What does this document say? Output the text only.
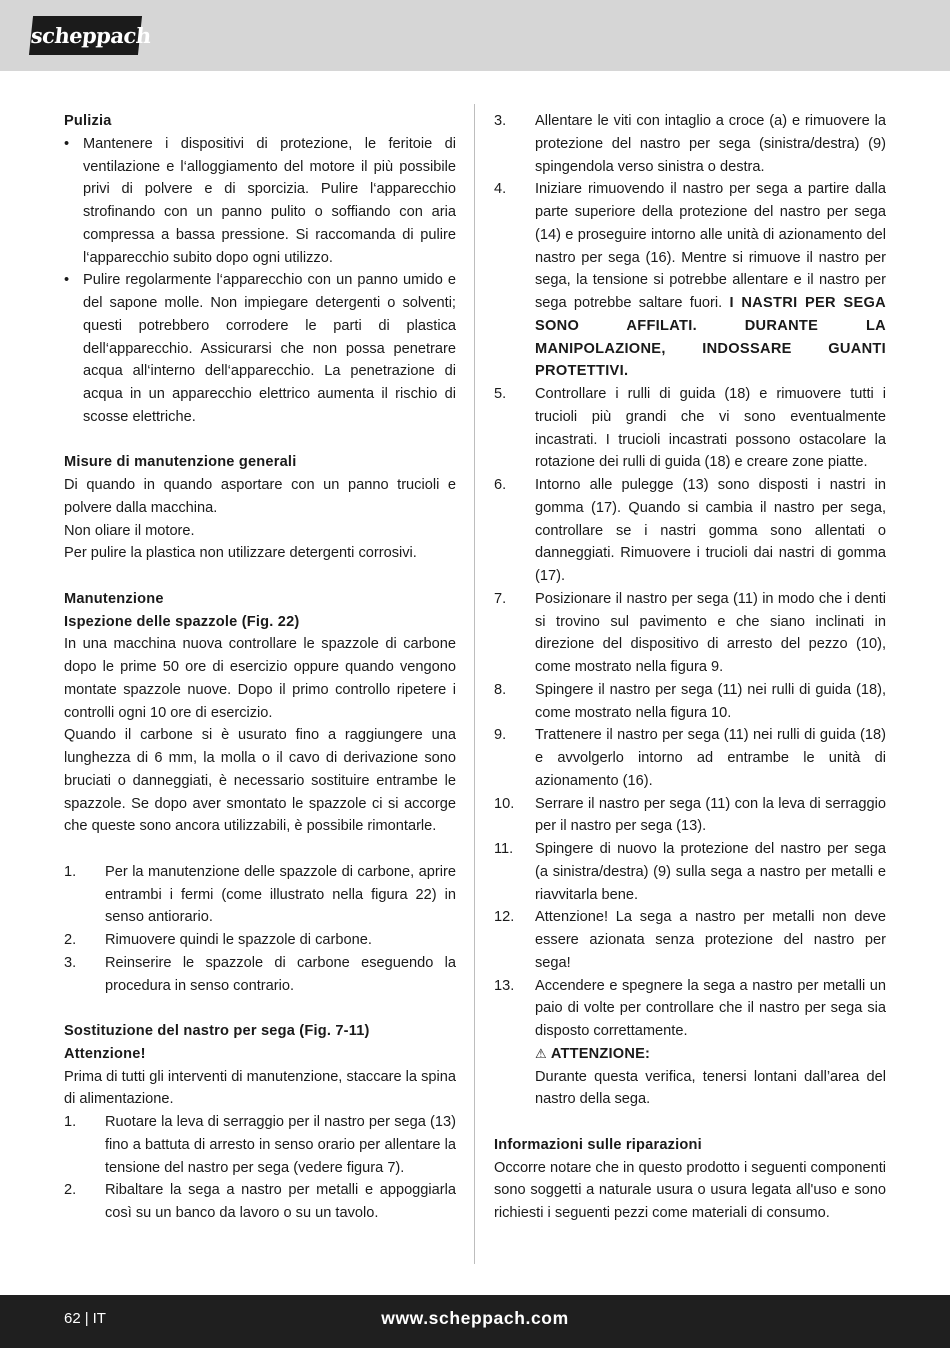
scheppach

Pulizia

• Mantenere i dispositivi di protezione, le feritoie di ventilazione e l‘alloggiamento del motore il più possibile privi di polvere e di sporcizia. Pulire l‘apparecchio strofinando con un panno pulito o soffiando con aria compressa a bassa pressione. Si raccomanda di pulire l‘apparecchio subito dopo ogni utilizzo.
• Pulire regolarmente l‘apparecchio con un panno umido e del sapone molle. Non impiegare detergenti o solventi; questi potrebbero corrodere le parti di plastica dell‘apparecchio. Assicurarsi che non possa penetrare acqua all‘interno dell‘apparecchio. La penetrazione di acqua in un apparecchio elettrico aumenta il rischio di scosse elettriche.

Misure di manutenzione generali

Di quando in quando asportare con un panno trucioli e polvere dalla macchina.

Non oliare il motore.

Per pulire la plastica non utilizzare detergenti corrosivi.

Manutenzione

Ispezione delle spazzole (Fig. 22)

In una macchina nuova controllare le spazzole di carbone dopo le prime 50 ore di esercizio oppure quando vengono montate spazzole nuove. Dopo il primo controllo ripetere i controlli ogni 10 ore di esercizio.

Quando il carbone si è usurato fino a raggiungere una lunghezza di 6 mm, la molla o il cavo di derivazione sono bruciati o danneggiati, è necessario sostituire entrambe le spazzole. Se dopo aver smontato le spazzole ci si accorge che queste sono ancora utilizzabili, è possibile rimontarle.

1. Per la manutenzione delle spazzole di carbone, aprire entrambi i fermi (come illustrato nella figura 22) in senso antiorario.
2. Rimuovere quindi le spazzole di carbone.
3. Reinserire le spazzole di carbone eseguendo la procedura in senso contrario.

Sostituzione del nastro per sega (Fig. 7-11)

Attenzione!

Prima di tutti gli interventi di manutenzione, staccare la spina di alimentazione.

1. Ruotare la leva di serraggio per il nastro per sega (13) fino a battuta di arresto in senso orario per allentare la tensione del nastro per sega (vedere figura 7).
2. Ribaltare la sega a nastro per metalli e appoggiarla così su un banco da lavoro o su un tavolo.
3. Allentare le viti con intaglio a croce (a) e rimuovere la protezione del nastro per sega (sinistra/destra) (9) spingendola verso sinistra o destra.
4. Iniziare rimuovendo il nastro per sega a partire dalla parte superiore della protezione del nastro per sega (14) e proseguire intorno alle unità di azionamento del nastro per sega (16). Mentre si rimuove il nastro per sega, la tensione si potrebbe allentare e il nastro per sega potrebbe saltare fuori. I NASTRI PER SEGA SONO AFFILATI. DURANTE LA MANIPOLAZIONE, INDOSSARE GUANTI PROTETTIVI.
5. Controllare i rulli di guida (18) e rimuovere tutti i trucioli più grandi che vi sono eventualmente incastrati. I trucioli incastrati possono ostacolare la rotazione dei rulli di guida (18) e creare zone piatte.
6. Intorno alle pulegge (13) sono disposti i nastri in gomma (17). Quando si cambia il nastro per sega, controllare se i nastri gomma sono allentati o danneggiati. Rimuovere i trucioli dai nastri di gomma (17).
7. Posizionare il nastro per sega (11) in modo che i denti si trovino sul pavimento e che siano inclinati in direzione del dispositivo di arresto del pezzo (10), come mostrato nella figura 9.
8. Spingere il nastro per sega (11) nei rulli di guida (18), come mostrato nella figura 10.
9. Trattenere il nastro per sega (11) nei rulli di guida (18) e avvolgerlo intorno ad entrambe le unità di azionamento (16).
10. Serrare il nastro per sega (11) con la leva di serraggio per il nastro per sega (13).
11. Spingere di nuovo la protezione del nastro per sega (a sinistra/destra) (9) sulla sega a nastro per metalli e riavvitarla bene.
12. Attenzione! La sega a nastro per metalli non deve essere azionata senza protezione del nastro per sega!
13. Accendere e spegnere la sega a nastro per metalli un paio di volte per controllare che il nastro per sega sia disposto correttamente.

⚠ ATTENZIONE:

Durante questa verifica, tenersi lontani dall’area del nastro della sega.

Informazioni sulle riparazioni

Occorre notare che in questo prodotto i seguenti componenti sono soggetti a naturale usura o usura legata all'uso e sono richiesti i seguenti pezzi come materiali di consumo.

62 | IT	www.scheppach.com
